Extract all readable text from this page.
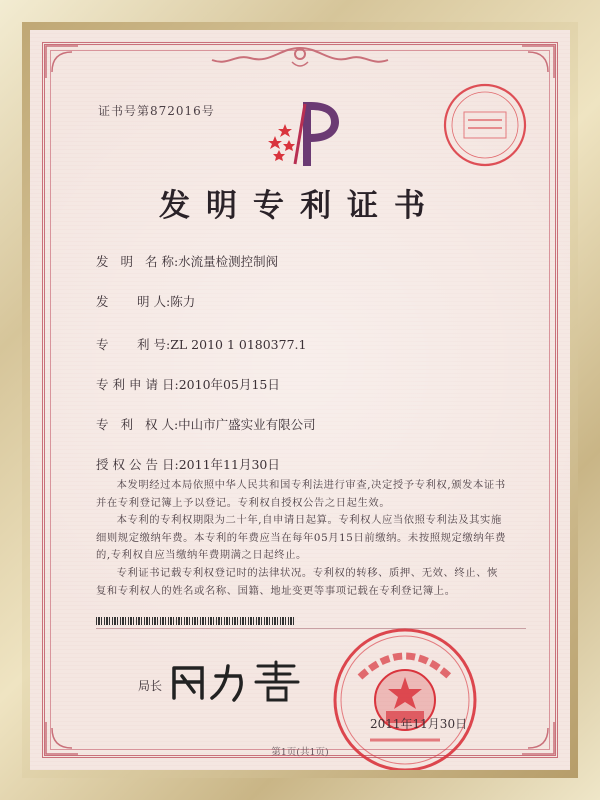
证书号第872016号
发明专利证书
发 明 名称:水流量检测控制阀
发　 明人:陈力
专　 利号:ZL 2010 1 0180377.1
专利申请日:2010年05月15日
专 利 权人:中山市广盛实业有限公司
授权公告日:2011年11月30日

本发明经过本局依照中华人民共和国专利法进行审查,决定授予专利权,颁发本证书并在专利登记簿上予以登记。专利权自授权公告之日起生效。

本专利的专利权期限为二十年,自申请日起算。专利权人应当依照专利法及其实施细则规定缴纳年费。本专利的年费应当在每年05月15日前缴纳。未按照规定缴纳年费的,专利权自应当缴纳年费期满之日起终止。

专利证书记载专利权登记时的法律状况。专利权的转移、质押、无效、终止、恢复和专利权人的姓名或名称、国籍、地址变更等事项记载在专利登记簿上。

局长
2011年11月30日
第1页(共1页)
